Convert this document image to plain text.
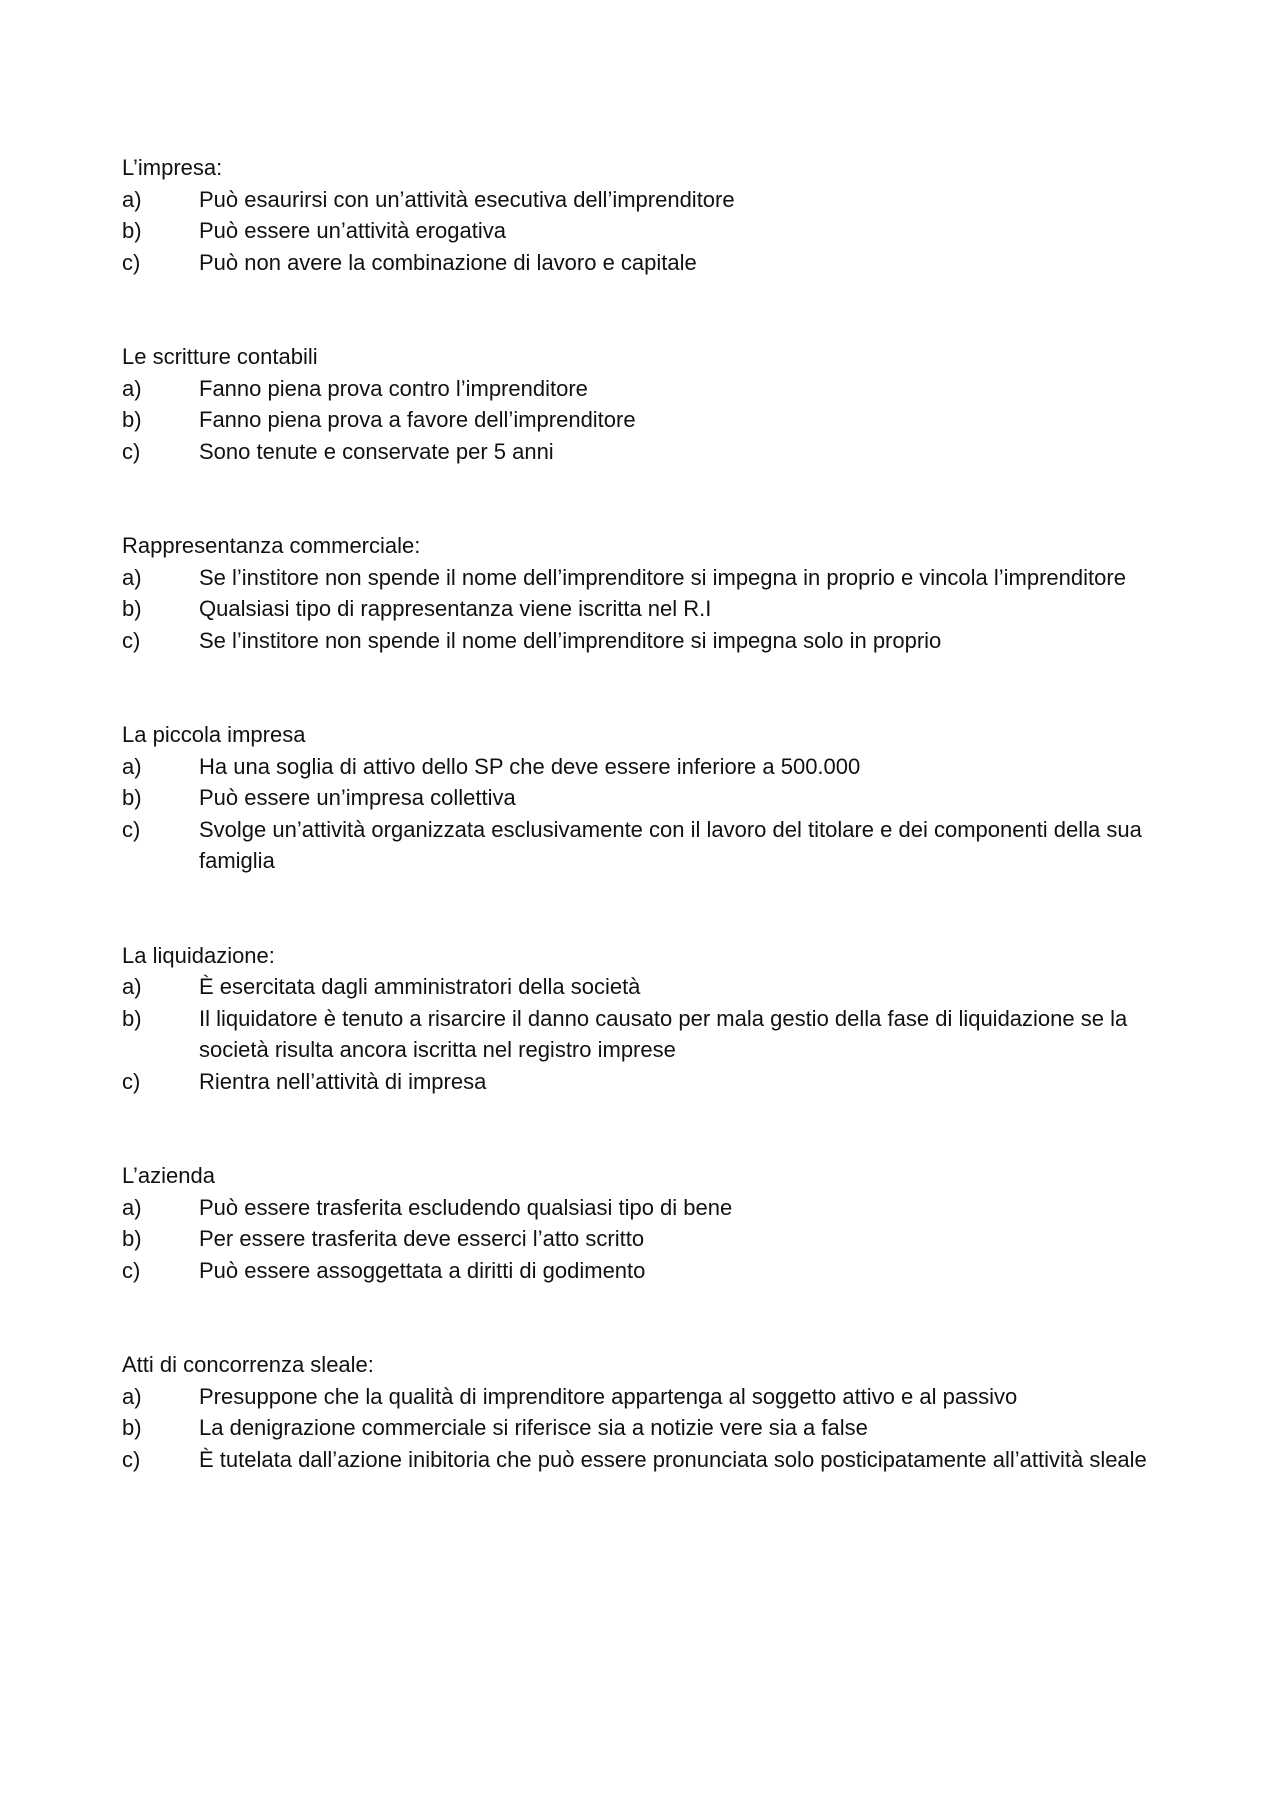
L’impresa:

a)	Può esaurirsi con un’attività esecutiva dell’imprenditore
b)	Può essere un’attività erogativa
c)	Può non avere la combinazione di lavoro e capitale

Le scritture contabili

a)	Fanno piena prova contro l’imprenditore
b)	Fanno piena prova a favore dell’imprenditore
c)	Sono tenute e conservate per 5 anni

Rappresentanza commerciale:

a)	Se l’institore non spende il nome dell’imprenditore si impegna in proprio e vincola l’imprenditore
b)	Qualsiasi tipo di rappresentanza viene iscritta nel R.I
c)	Se l’institore non spende il nome dell’imprenditore si impegna solo in proprio

La piccola impresa

a)	Ha una soglia di attivo dello SP che deve essere inferiore a 500.000
b)	Può essere un’impresa collettiva
c)	Svolge un’attività organizzata esclusivamente con il lavoro del titolare e dei componenti della sua famiglia

La liquidazione:

a)	È esercitata dagli amministratori della società
b)	Il liquidatore è tenuto a risarcire il danno causato per mala gestio della fase di liquidazione se la società risulta ancora iscritta nel registro imprese
c)	Rientra nell’attività di impresa

L’azienda

a)	Può essere trasferita escludendo qualsiasi tipo di bene
b)	Per essere trasferita deve esserci l’atto scritto
c)	Può essere assoggettata a diritti di godimento

Atti di concorrenza sleale:

a)	Presuppone che la qualità di imprenditore appartenga al soggetto attivo e al passivo
b)	La denigrazione commerciale si riferisce sia a notizie vere sia a false
c)	È tutelata dall’azione inibitoria che può essere pronunciata solo posticipatamente all’attività sleale
